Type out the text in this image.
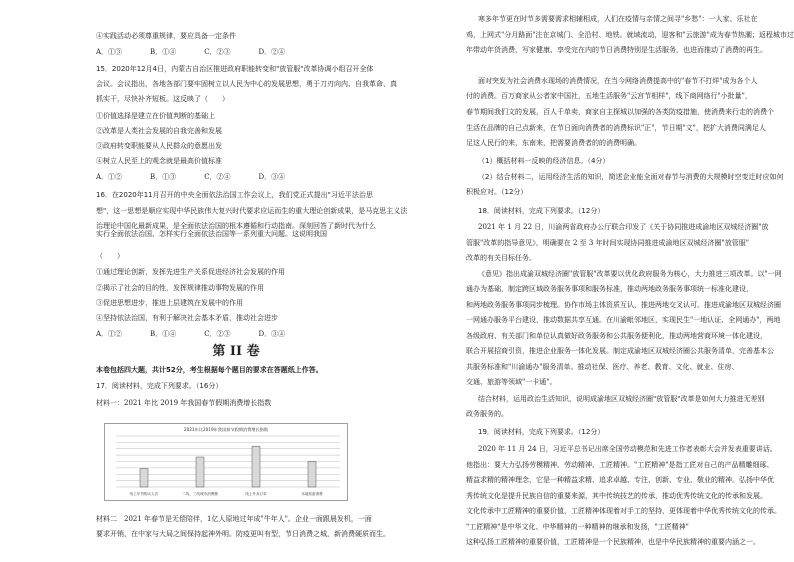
④实践活动必须尊重规律，要应具备一定条件
A．①③　　　　B．①④　　　　C．②③　　　　D．②④
15．2020年12月4日，内蒙古自治区推进政府职能转变和"放管服"改革协调小组召开全体
会议。会议指出，各地各部门要牢固树立以人民为中心的发展思想，勇于刀刃向内、自我革命、真
抓实干，尽快补齐短板。这反映了（　　）
①价值选择是建立在价值判断的基础上
②改革是人类社会发展的自我完善和发展
③政府转变职能要从人民群众的意愿出发
④树立人民至上的观念就是最高价值标准
A．①②　　　　B．①③　　　　C．②④　　　　D．③④
16．在2020年11月召开的中央全面依法治国工作会议上，我们党正式提出"习近平法治思
想"，这一思想是顺应实现中华民族伟大复兴时代要求应运而生的重大理论创新成果，是马克思主义法
治理论中国化最新成果，是全面依法治国的根本遵循和行动指南。深刻回答了新时代为什么实行全面依法治国、怎样实行全面依法治国等一系列重大问题。这说明我国
（　　）
①通过理论创新，发挥先进生产关系促进经济社会发展的作用
②揭示了社会的目的性，发挥规律推动事物发展的作用
③促进思想进步，推进上层建筑在发展中的作用
④坚持依法治国，有利于解决社会基本矛盾，推动社会进步
A．①②　　　　B．①④　　　　C．②③　　　　D．③④
第 II 卷
本卷包括四大题，共计52分，考生根据每个题目的要求在答题纸上作答。
17．阅读材料，完成下列要求。（16分）
材料一：2021 年比 2019 年我国春节假期消费增长指数
2021年比2019年我国春节假期消费增长指数
线上年货购买人次	二线、三线城市消费额	线上外卖订单	本地旅游消费
材料二　2021 年春节是无偿陪伴，1亿人原地过年成"牛年人"。企业一面跟晨发机，一面
要求开销，在中家与大局之间保持起神外明。防疫更叫有型，节日消费之城，新消费硬质而生。
寒多年节更在时节多需要需求相辅相成，人们在疫情与亲情之间寻"乡愁"：一人家、乐社在
鸡，上网式"分月路面"注在京城门、全沿村、地铁。就域流动，迎客和"云旅游"成为春节热潮；返程城市过
年带动年货消费，写家健康、享受完在内的节日消费特别是生活服务，也进而推动了消费的再生。
面对突发为社会消费水现场的消费情况，在当今网络消费提高中的"春节不打烊"成为各个人
付的消费。百万商家从公者家中国社，五地生活服务"云宫节相样"，线下商网络行"小批量"，
春节期间我们文的发展，百人千单卖，商家自主探城以加强的各类防疫措施，使消费来行走的消费个
生活在品牌的自己点新来，在节日面向消费者的消费标识"正"，节日期"文"，把扩大消费同满足人
足这人民行的来，东南来，把需要消费者的的消费明确。
（1）概括材料一反映的经济信息。（4分）
（2）结合材料二，运用经济生活的知识，简述企业能全面对春节与消费的大规模时空变迁时应如何
积极应对。（12分）
18．阅读材料，完成下列要求。（12分）
2021 年 1 月 22 日，川渝两省政府办公厅联合印发了《关于协同推进成渝地区双城经济圈"放
管服"改革的指导意见》，明确要在 2 至 3 年时间实现协同推进成渝地区双城经济圈"放管服"
改革的有关目标任务。
《意见》指出成渝双城经济圈"放管服"改革要以优化政府服务为核心，大力推进三项改革。以"一网
通办为基础，制定跨区域政务服务事项和服务标准，推动两地政务服务事项统一标准化建设，
和两地政务服务事项同步梳理。协作市场主体资质互认，推进两地交叉认可。推进成渝地区双城经济圈
一网通办服务平台建设，推动数据共享互通。在川渝毗邻地区，实现民生"一地认证、全网通办"，两地
各级政府、有关部门和单位认真做好政务服务和公共服务便利化，推动两地营商环境一体化建设，
联合开展招商引资，推进企业服务一体化发展。制定成渝地区双城经济圈公共服务清单，完善基本公
共服务标准和"川渝通办"服务清单。推动社保、医疗、养老、教育、文化、就业、住房、
交通、旅游等领域"一卡通"。
结合材料，运用政治生活知识，说明成渝地区双城经济圈"放管服"改革是如何大力推进无差别
政务服务的。
19．阅读材料，完成下列要求。（12分）
2020 年 11 月 24 日，习近平总书记出席全国劳动模范和先进工作者表彰大会并发表重要讲话。
他指出：要大力弘扬劳模精神、劳动精神、工匠精神。"工匠精神"是指工匠对自己的产品精雕细琢、
精益求精的精神理念，它是一种精益求精、追求卓越、专注、创新、专业、敬业的精神。弘扬中华优
秀传统文化是提升民族自信的重要来源，其中传统技艺的传承，推动优秀传统文化的传承和发展。
文化传承中工匠精神的重要价值，工匠精神体现着对手工的坚持，更体现着中华优秀传统文化的传承。
"工匠精神"是中华文化、中华精神的一种精神的继承和发扬，"工匠精神"
这种弘扬工匠精神的重要价值，工匠精神是一个民族精神，也是中华民族精神的重要内涵之一。
